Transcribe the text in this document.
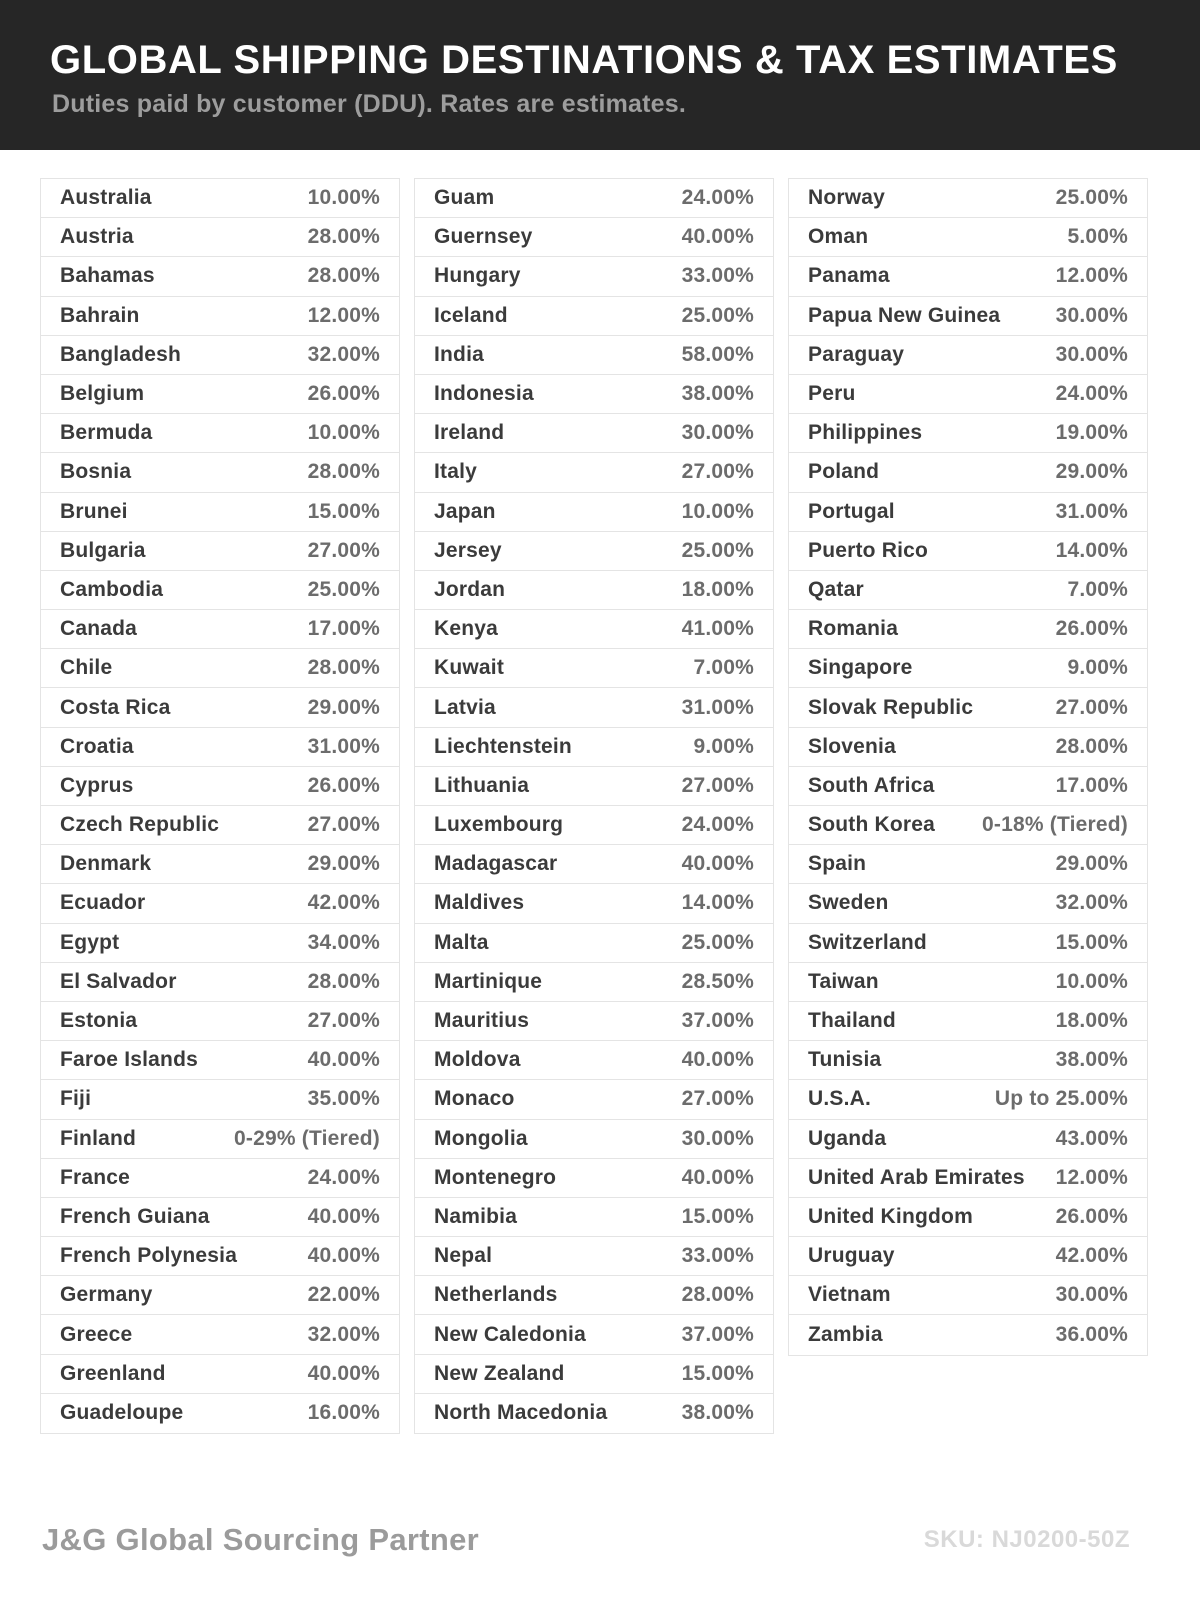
GLOBAL SHIPPING DESTINATIONS & TAX ESTIMATES
Duties paid by customer (DDU). Rates are estimates.
Australia	10.00%
Austria	28.00%
Bahamas	28.00%
Bahrain	12.00%
Bangladesh	32.00%
Belgium	26.00%
Bermuda	10.00%
Bosnia	28.00%
Brunei	15.00%
Bulgaria	27.00%
Cambodia	25.00%
Canada	17.00%
Chile	28.00%
Costa Rica	29.00%
Croatia	31.00%
Cyprus	26.00%
Czech Republic	27.00%
Denmark	29.00%
Ecuador	42.00%
Egypt	34.00%
El Salvador	28.00%
Estonia	27.00%
Faroe Islands	40.00%
Fiji	35.00%
Finland	0-29% (Tiered)
France	24.00%
French Guiana	40.00%
French Polynesia	40.00%
Germany	22.00%
Greece	32.00%
Greenland	40.00%
Guadeloupe	16.00%
Guam	24.00%
Guernsey	40.00%
Hungary	33.00%
Iceland	25.00%
India	58.00%
Indonesia	38.00%
Ireland	30.00%
Italy	27.00%
Japan	10.00%
Jersey	25.00%
Jordan	18.00%
Kenya	41.00%
Kuwait	7.00%
Latvia	31.00%
Liechtenstein	9.00%
Lithuania	27.00%
Luxembourg	24.00%
Madagascar	40.00%
Maldives	14.00%
Malta	25.00%
Martinique	28.50%
Mauritius	37.00%
Moldova	40.00%
Monaco	27.00%
Mongolia	30.00%
Montenegro	40.00%
Namibia	15.00%
Nepal	33.00%
Netherlands	28.00%
New Caledonia	37.00%
New Zealand	15.00%
North Macedonia	38.00%
Norway	25.00%
Oman	5.00%
Panama	12.00%
Papua New Guinea	30.00%
Paraguay	30.00%
Peru	24.00%
Philippines	19.00%
Poland	29.00%
Portugal	31.00%
Puerto Rico	14.00%
Qatar	7.00%
Romania	26.00%
Singapore	9.00%
Slovak Republic	27.00%
Slovenia	28.00%
South Africa	17.00%
South Korea 0-18% (Tiered)
Spain	29.00%
Sweden	32.00%
Switzerland	15.00%
Taiwan	10.00%
Thailand	18.00%
Tunisia	38.00%
U.S.A.	Up to 25.00%
Uganda	43.00%
United Arab Emirates 12.00%
United Kingdom	26.00%
Uruguay	42.00%
Vietnam	30.00%
Zambia	36.00%
J&G Global Sourcing Partner	SKU: NJ0200-50Z
